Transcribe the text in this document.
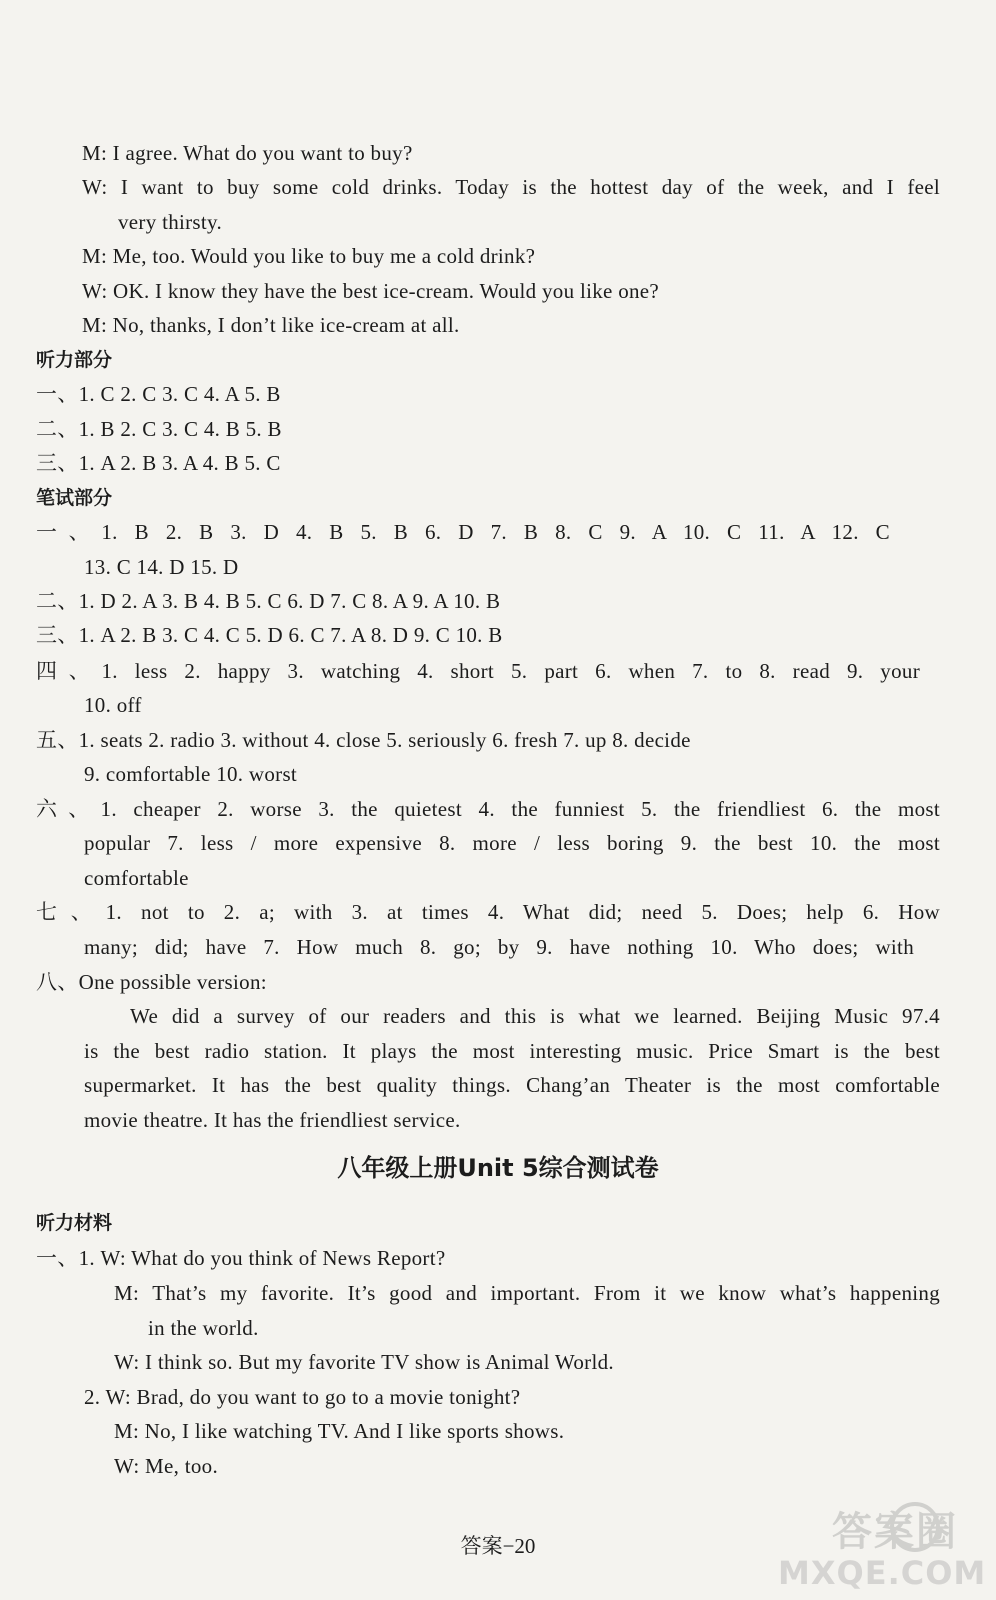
M: I agree. What do you want to buy?
W: I want to buy some cold drinks. Today is the hottest day of the week, and I feel
very thirsty.
M: Me, too. Would you like to buy me a cold drink?
W: OK. I know they have the best ice-cream. Would you like one?
M: No, thanks, I don’t like ice-cream at all.
听力部分
一、1. C 2. C 3. C 4. A 5. B
二、1. B 2. C 3. C 4. B 5. B
三、1. A 2. B 3. A 4. B 5. C
笔试部分
一、1. B 2. B 3. D 4. B 5. B 6. D 7. B 8. C 9. A 10. C 11. A 12. C
13. C 14. D 15. D
二、1. D 2. A 3. B 4. B 5. C 6. D 7. C 8. A 9. A 10. B
三、1. A 2. B 3. C 4. C 5. D 6. C 7. A 8. D 9. C 10. B
四、1. less 2. happy 3. watching 4. short 5. part 6. when 7. to 8. read 9. your
10. off
五、1. seats 2. radio 3. without 4. close 5. seriously 6. fresh 7. up 8. decide
9. comfortable 10. worst
六、1. cheaper 2. worse 3. the quietest 4. the funniest 5. the friendliest 6. the most
popular 7. less / more expensive 8. more / less boring 9. the best 10. the most
comfortable
七、1. not to 2. a; with 3. at times 4. What did; need 5. Does; help 6. How
many; did; have 7. How much 8. go; by 9. have nothing 10. Who does; with
八、One possible version:
We did a survey of our readers and this is what we learned. Beijing Music 97.4
is the best radio station. It plays the most interesting music. Price Smart is the best
supermarket. It has the best quality things. Chang’an Theater is the most comfortable
movie theatre. It has the friendliest service.
八年级上册Unit 5综合测试卷
听力材料
一、1. W: What do you think of News Report?
M: That’s my favorite. It’s good and important. From it we know what’s happening
in the world.
W: I think so. But my favorite TV show is Animal World.
2. W: Brad, do you want to go to a movie tonight?
M: No, I like watching TV. And I like sports shows.
W: Me, too.
答案−20	答案圈
MXQE.COM
